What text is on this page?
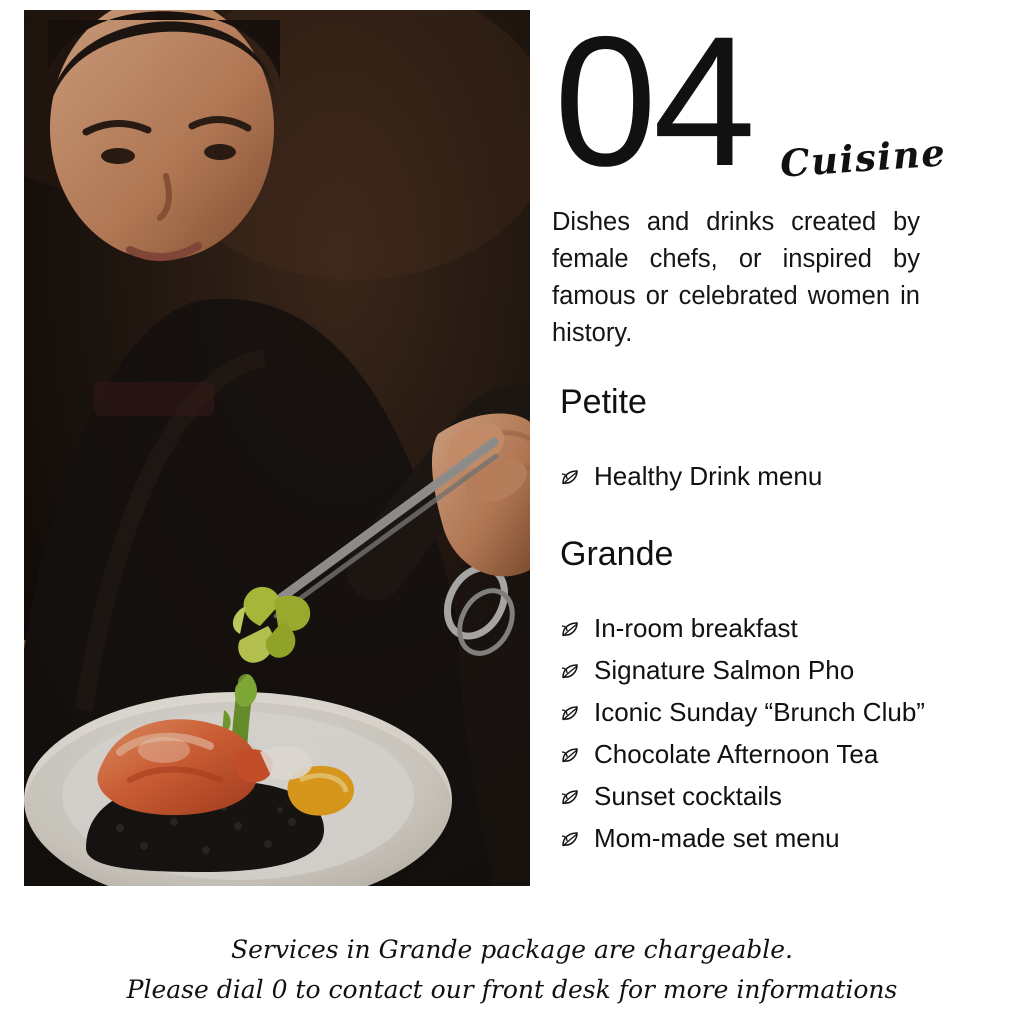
04 Cuisine

Dishes and drinks created by female chefs, or inspired by famous or celebrated women in history.

Petite
Healthy Drink menu
Grande
In-room breakfast
Signature Salmon Pho
Iconic Sunday “Brunch Club”
Chocolate Afternoon Tea
Sunset cocktails
Mom-made set menu
Services in Grande package are chargeable.
Please dial 0 to contact our front desk for more informations
